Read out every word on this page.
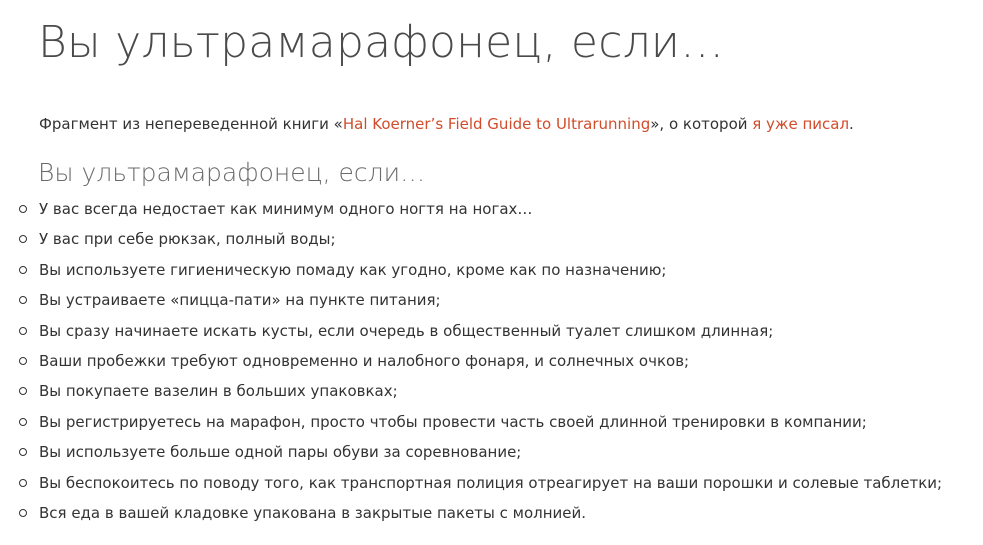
Вы ультрамарафонец, если…

Фрагмент из непереведенной книги «Hal Koerner’s Field Guide to Ultrarunning», о которой я уже писал.

Вы ультрамарафонец, если…
У вас всегда недостает как минимум одного ногтя на ногах…
У вас при себе рюкзак, полный воды;
Вы используете гигиеническую помаду как угодно, кроме как по назначению;
Вы устраиваете «пицца-пати» на пункте питания;
Вы сразу начинаете искать кусты, если очередь в общественный туалет слишком длинная;
Ваши пробежки требуют одновременно и налобного фонаря, и солнечных очков;
Вы покупаете вазелин в больших упаковках;
Вы регистрируетесь на марафон, просто чтобы провести часть своей длинной тренировки в компании;
Вы используете больше одной пары обуви за соревнование;
Вы беспокоитесь по поводу того, как транспортная полиция отреагирует на ваши порошки и солевые таблетки;
Вся еда в вашей кладовке упакована в закрытые пакеты с молнией.
